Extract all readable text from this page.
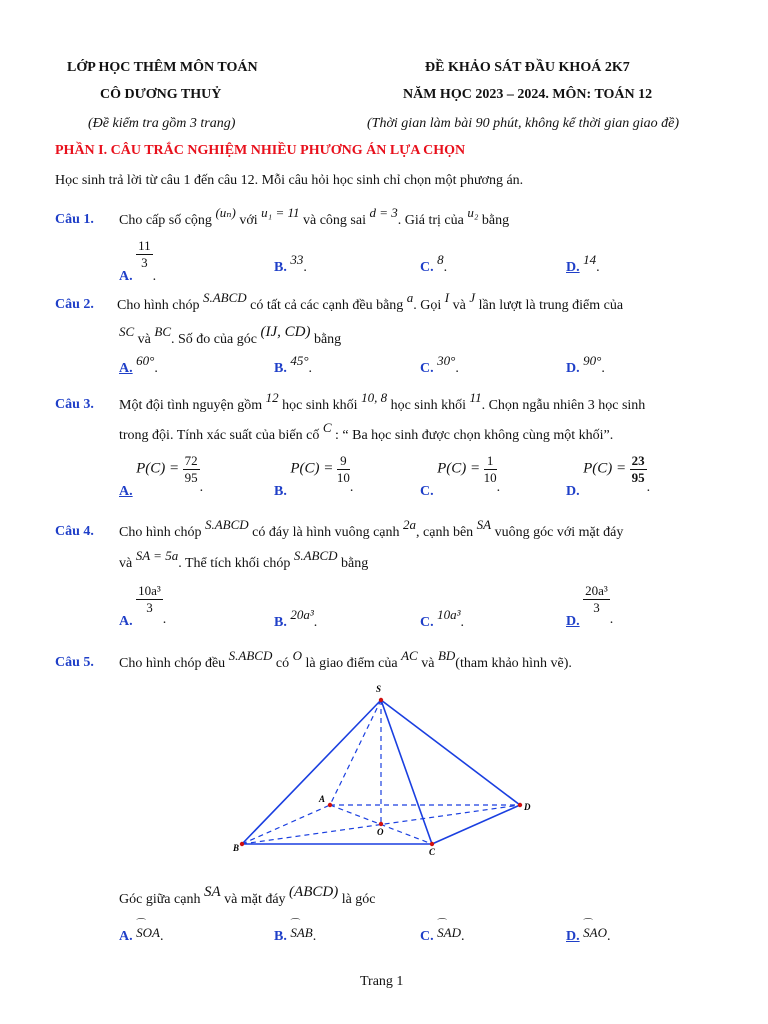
LỚP HỌC THÊM MÔN TOÁN
CÔ DƯƠNG THUỶ
(Đề kiểm tra gồm 3 trang)
ĐỀ KHẢO SÁT ĐẦU KHOÁ 2K7
NĂM HỌC 2023 – 2024. MÔN: TOÁN 12
(Thời gian làm bài 90 phút, không kể thời gian giao đề)
PHẦN I. CÂU TRẮC NGHIỆM NHIỀU PHƯƠNG ÁN LỰA CHỌN
Học sinh trả lời từ câu 1 đến câu 12. Mỗi câu hỏi học sinh chỉ chọn một phương án.
Câu 1. Cho cấp số cộng (uₙ) với u₁ = 11 và công sai d = 3. Giá trị của u₂ bằng
A.
$\frac{11}{3}$
.
B. 33.	C. 8.	D. 14.
Câu 2. Cho hình chóp S.ABCD có tất cả các cạnh đều bằng a. Gọi I và J lần lượt là trung điểm của
SC và BC. Số đo của góc (IJ, CD) bằng
A. 60°.	B. 45°.	C. 30°.	D. 90°.
Câu 3. Một đội tình nguyện gồm 12 học sinh khối 10, 8 học sinh khối 11. Chọn ngẫu nhiên 3 học sinh
trong đội. Tính xác suất của biến cố C : “ Ba học sinh được chọn không cùng một khối”.
A. $P(C) = \frac{72}{95}$
.	B. $P(C) = \frac{9}{10}$
.	C. $P(C) = \frac{1}{10}$
.	D. $P(C) = \frac{23}{95}$
.
Câu 4. Cho hình chóp S.ABCD có đáy là hình vuông cạnh 2a, cạnh bên SA vuông góc với mặt đáy
và SA = 5a. Thể tích khối chóp S.ABCD bằng
A.
$\frac{\text{10a³}}{3}$
.	B. 20a³.	C. 10a³.	D.
$\frac{\text{20a³}}{3}$
.
Câu 5. Cho hình chóp đều S.ABCD có O là giao điểm của AC và BD(tham khảo hình vẽ).
S
A
B	C
D
O
Góc giữa cạnh SA và mặt đáy (ABCD) là góc
A. ⌒ SOA.	B. ⌒ SAB.	C. ⌒ SAD.	D. ⌒ SAO.
Trang 1
